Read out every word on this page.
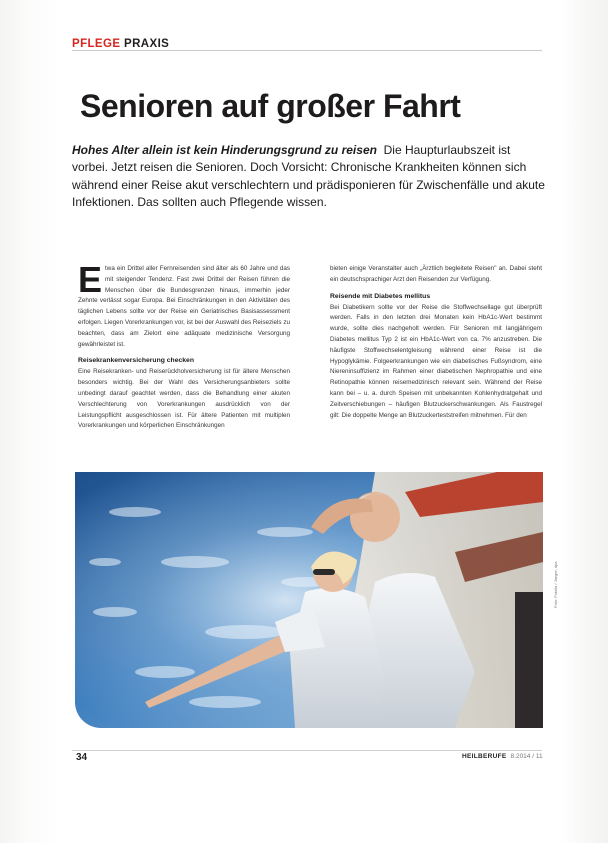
PFLEGE PRAXIS
Senioren auf großer Fahrt
Hohes Alter allein ist kein Hinderungsgrund zu reisen Die Haupturlaubszeit ist vorbei. Jetzt reisen die Senioren. Doch Vorsicht: Chronische Krankheiten können sich während einer Reise akut verschlechtern und prädisponieren für Zwischenfälle und akute Infektionen. Das sollten auch Pflegende wissen.

Etwa ein Drittel aller Fernreisenden sind älter als 60 Jahre und das mit steigender Tendenz. Fast zwei Drittel der Reisen führen die Menschen über die Bundesgrenzen hinaus, immerhin jeder Zehnte verlässt sogar Europa. Bei Einschränkungen in den Aktivitäten des täglichen Lebens sollte vor der Reise ein Geriatrisches Basisassessment erfolgen. Liegen Vorerkrankungen vor, ist bei der Auswahl des Reiseziels zu beachten, dass am Zielort eine adäquate medizinische Versorgung gewährleistet ist.

Reisekrankenversicherung checken

Eine Reisekranken- und Reiserückholversicherung ist für ältere Menschen besonders wichtig. Bei der Wahl des Versicherungsanbieters sollte unbedingt darauf geachtet werden, dass die Behandlung einer akuten Verschlechterung von Vorerkrankungen ausdrücklich von der Leistungspflicht ausgeschlossen ist. Für ältere Patienten mit multiplen Vorerkrankungen und körperlichen Einschränkungen

bieten einige Veranstalter auch „Ärztlich begleitete Reisen" an. Dabei steht ein deutschsprachiger Arzt den Reisenden zur Verfügung.

Reisende mit Diabetes mellitus

Bei Diabetikern sollte vor der Reise die Stoffwechsellage gut überprüft werden. Falls in den letzten drei Monaten kein HbA1c-Wert bestimmt wurde, sollte dies nachgeholt werden. Für Senioren mit langjährigem Diabetes mellitus Typ 2 ist ein HbA1c-Wert von ca. 7% anzustreben. Die häufigste Stoffwechselentgleisung während einer Reise ist die Hypoglykämie. Folgeerkrankungen wie ein diabetisches Fußsyndrom, eine Niereninsuffizienz im Rahmen einer diabetischen Nephropathie und eine Retinopathie können reisemedizinisch relevant sein. Während der Reise kann bei – u. a. durch Speisen mit unbekannten Kohlenhydratgehalt und Zeitverschiebungen – häufigen Blutzuckerschwankungen. Als Faustregel gilt: Die doppelte Menge an Blutzuckerteststreifen mitnehmen. Für den

Foto: Fotolia / Jaeger, dpa
34	HEILBERUFE 8.2014 / 11
